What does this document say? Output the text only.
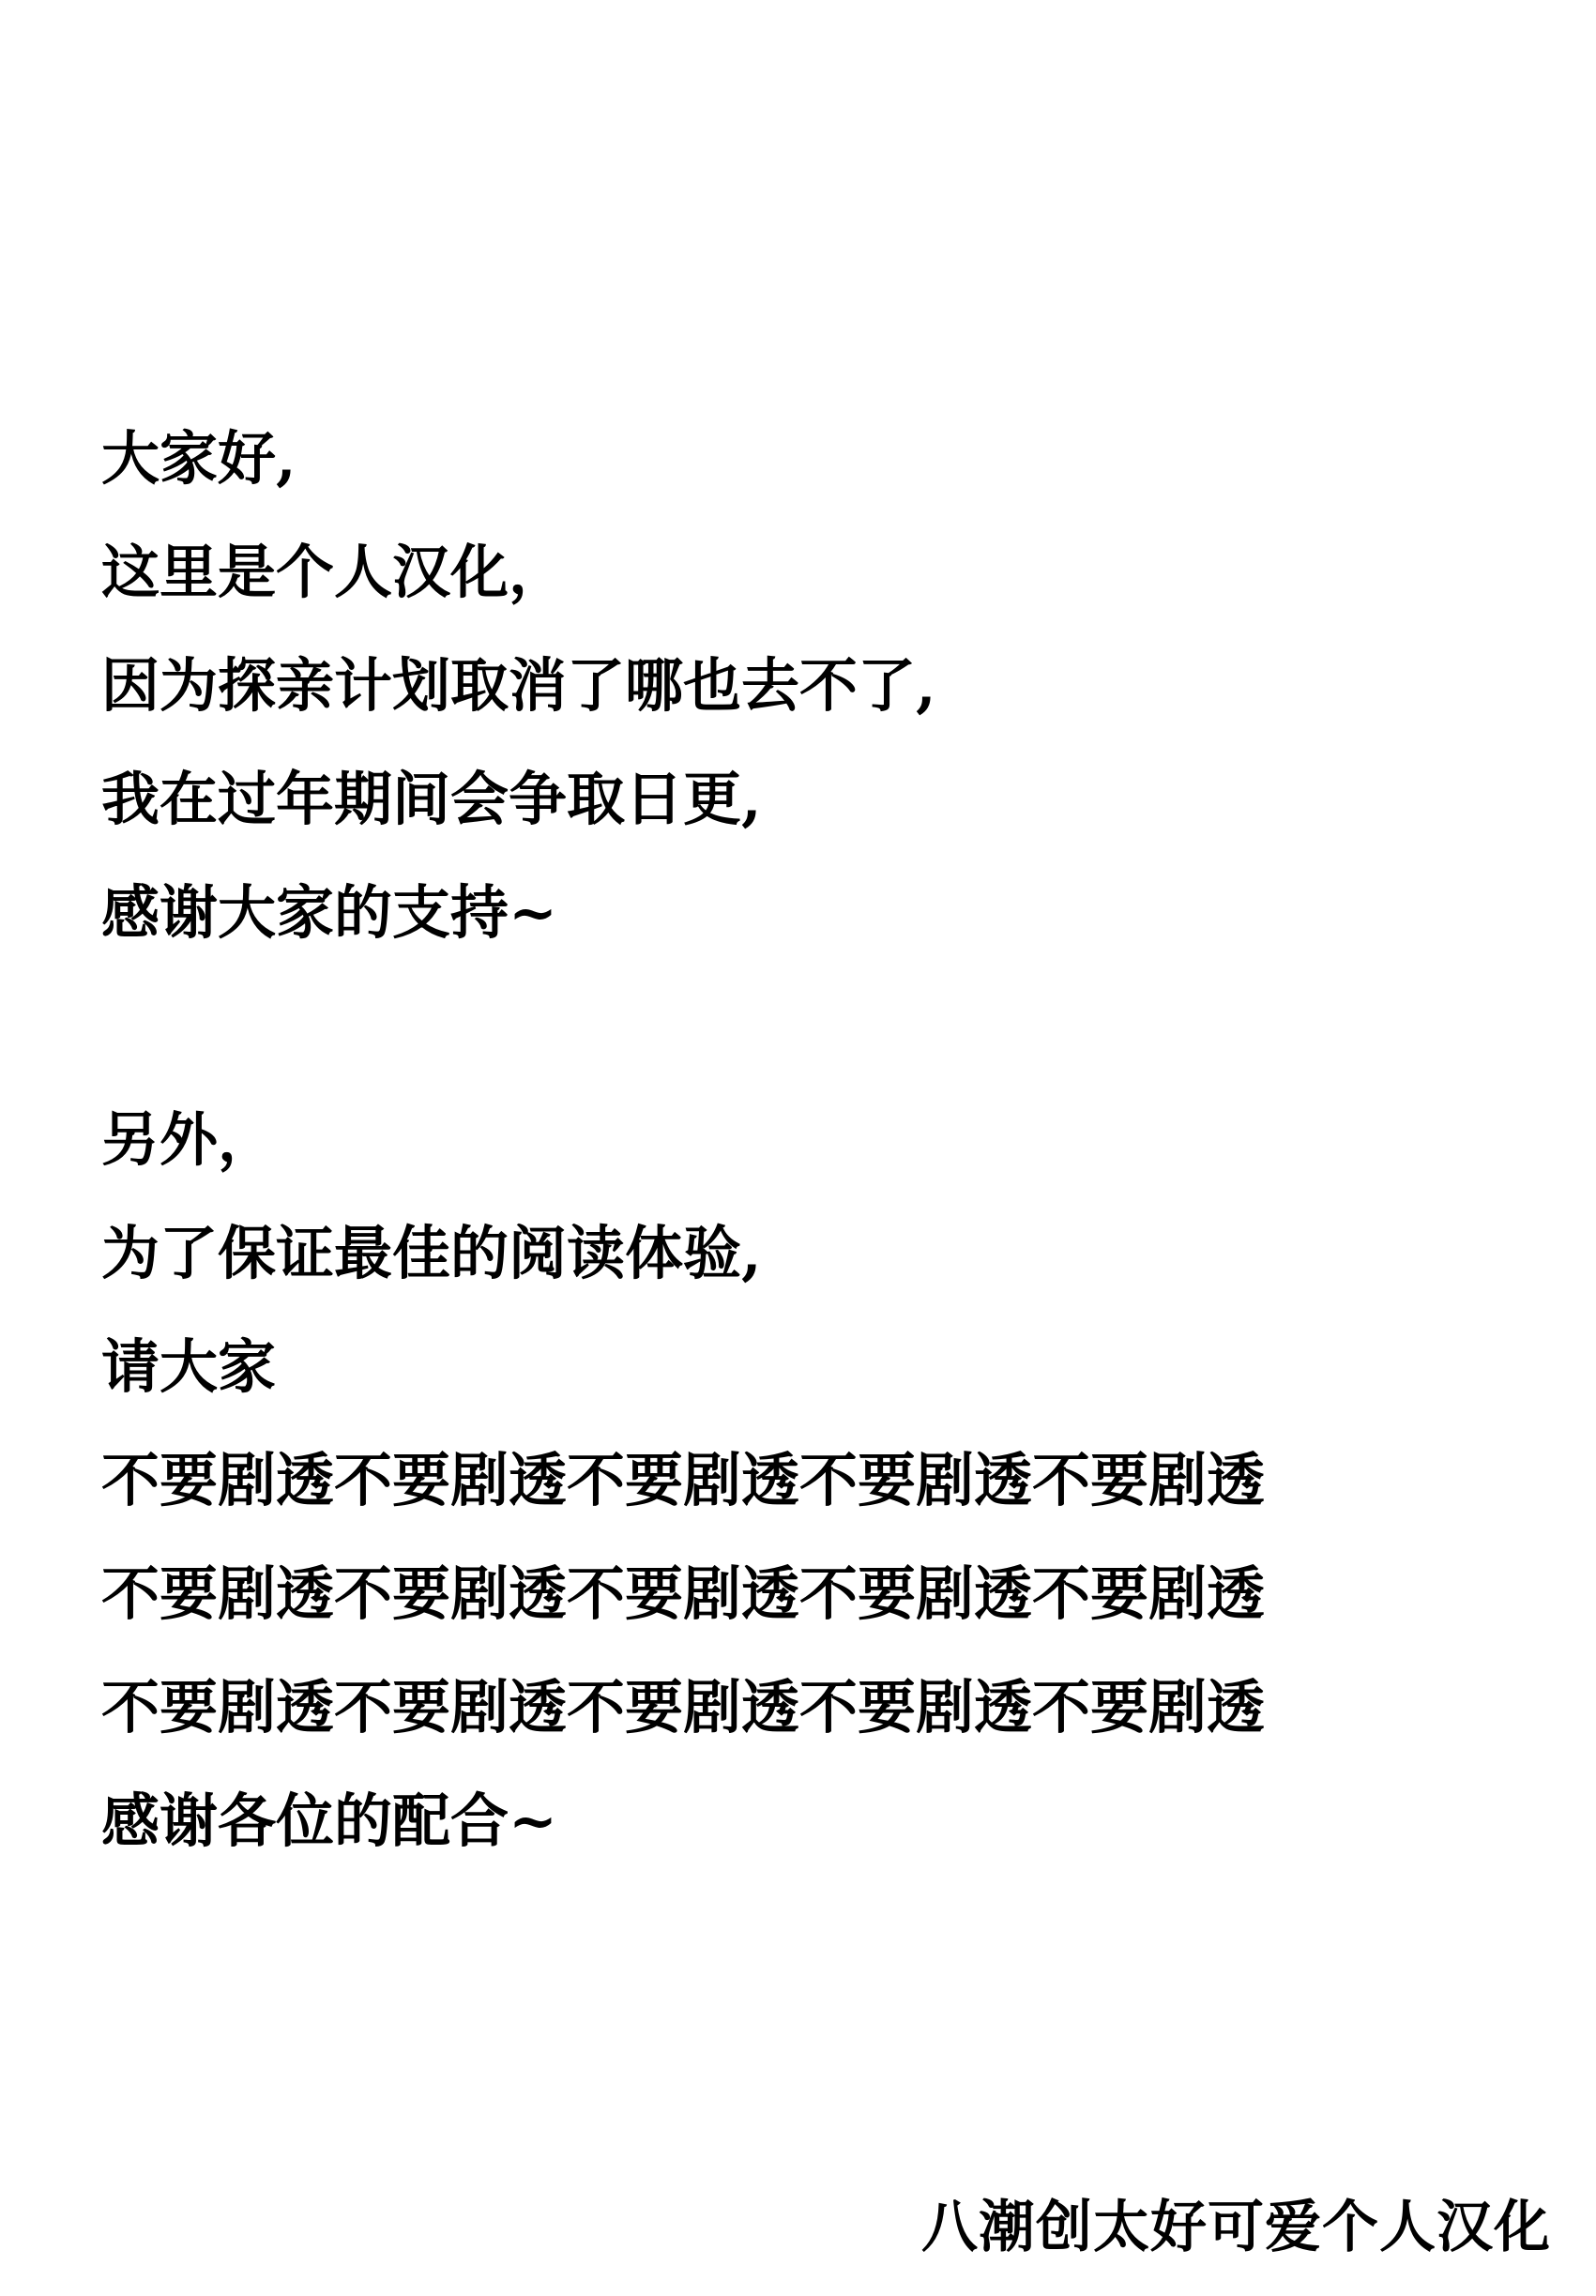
大家好,
这里是个人汉化，
因为探亲计划取消了哪也去不了,
我在过年期间会争取日更,
感谢大家的支持~
另外，
为了保证最佳的阅读体验,
请大家
不要剧透不要剧透不要剧透不要剧透不要剧透
不要剧透不要剧透不要剧透不要剧透不要剧透
不要剧透不要剧透不要剧透不要剧透不要剧透
感谢各位的配合~
八潮创太好可爱个人汉化
